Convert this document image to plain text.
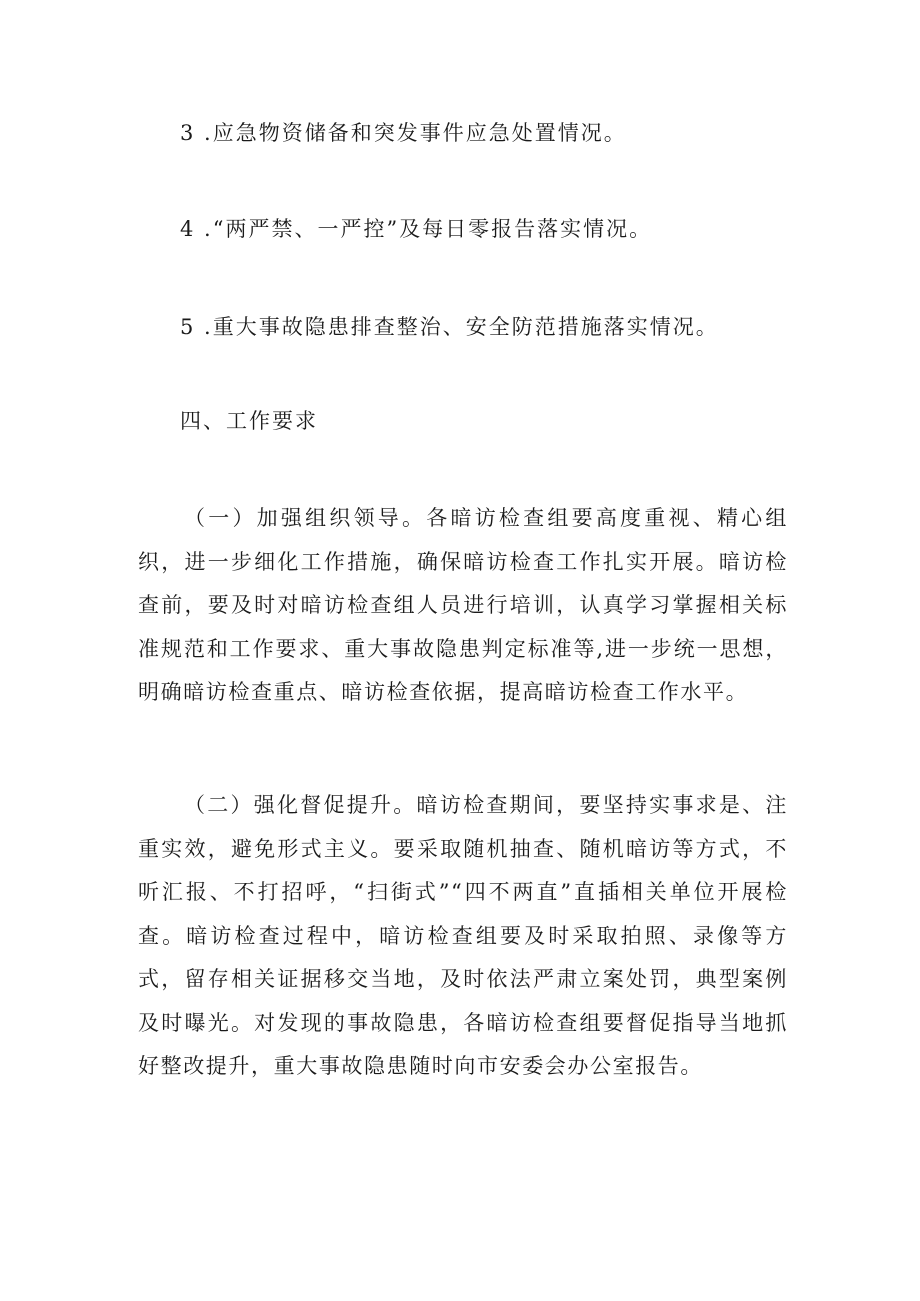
3 .应急物资储备和突发事件应急处置情况。
4 .“两严禁、一严控”及每日零报告落实情况。
5 .重大事故隐患排查整治、安全防范措施落实情况。
四、工作要求
（一）加强组织领导。各暗访检查组要高度重视、精心组织，进一步细化工作措施，确保暗访检查工作扎实开展。暗访检查前，要及时对暗访检查组人员进行培训，认真学习掌握相关标准规范和工作要求、重大事故隐患判定标准等,进一步统一思想，明确暗访检查重点、暗访检查依据，提高暗访检查工作水平。
（二）强化督促提升。暗访检查期间，要坚持实事求是、注重实效，避免形式主义。要采取随机抽查、随机暗访等方式，不听汇报、不打招呼，“扫街式”“四不两直”直插相关单位开展检查。暗访检查过程中，暗访检查组要及时采取拍照、录像等方式，留存相关证据移交当地，及时依法严肃立案处罚，典型案例及时曝光。对发现的事故隐患，各暗访检查组要督促指导当地抓好整改提升，重大事故隐患随时向市安委会办公室报告。
